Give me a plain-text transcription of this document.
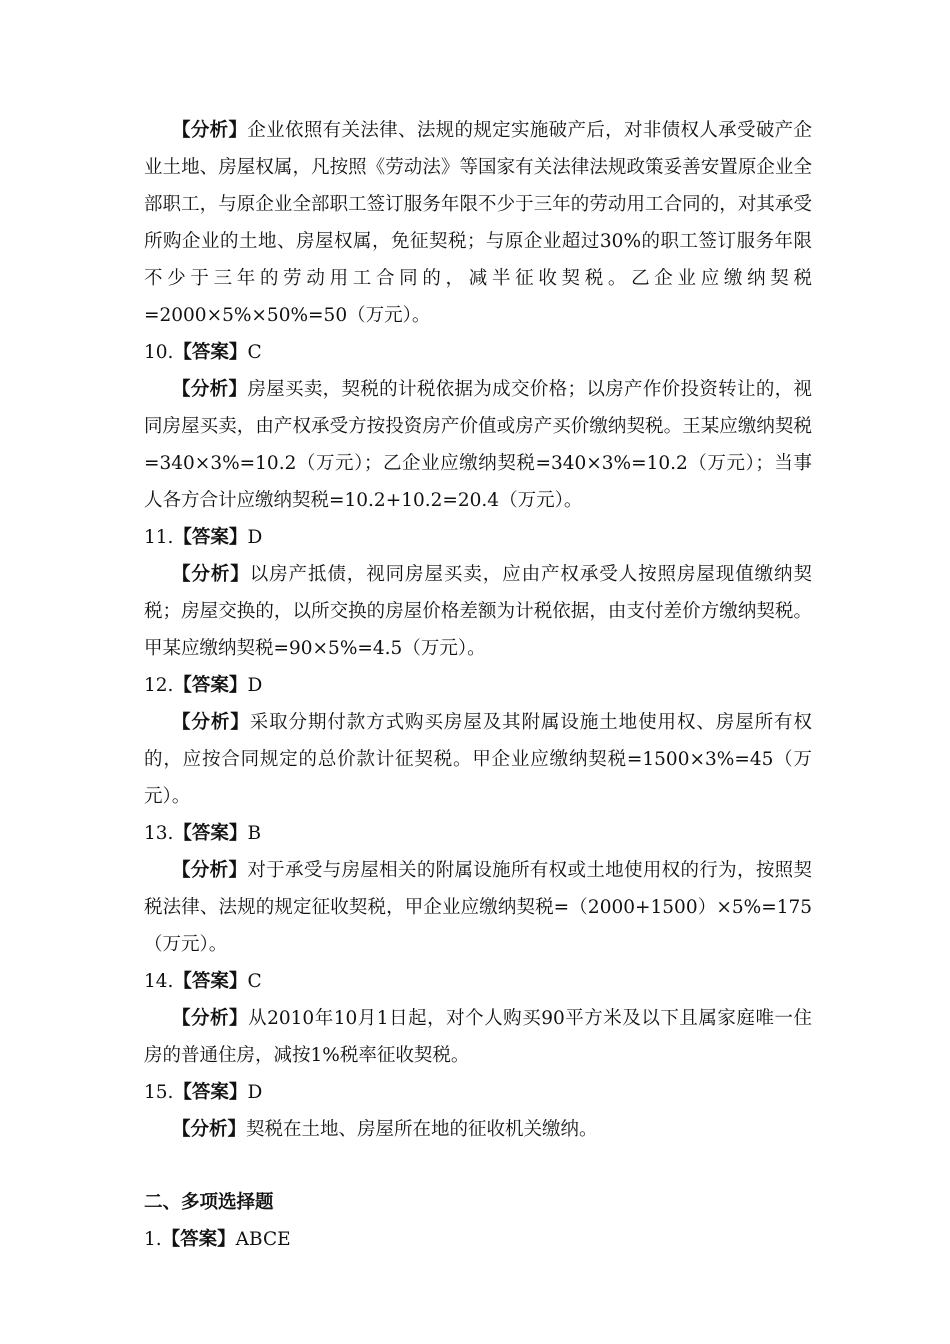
【分析】企业依照有关法律、法规的规定实施破产后，对非债权人承受破产企业土地、房屋权属，凡按照《劳动法》等国家有关法律法规政策妥善安置原企业全部职工，与原企业全部职工签订服务年限不少于三年的劳动用工合同的，对其承受所购企业的土地、房屋权属，免征契税；与原企业超过30%的职工签订服务年限不少于三年的劳动用工合同的，减半征收契税。乙企业应缴纳契税=2000×5%×50%=50（万元）。

10.【答案】C

【分析】房屋买卖，契税的计税依据为成交价格；以房产作价投资转让的，视同房屋买卖，由产权承受方按投资房产价值或房产买价缴纳契税。王某应缴纳契税=340×3%=10.2（万元）；乙企业应缴纳契税=340×3%=10.2（万元）；当事人各方合计应缴纳契税=10.2+10.2=20.4（万元）。

11.【答案】D

【分析】以房产抵债，视同房屋买卖，应由产权承受人按照房屋现值缴纳契税；房屋交换的，以所交换的房屋价格差额为计税依据，由支付差价方缴纳契税。甲某应缴纳契税=90×5%=4.5（万元）。

12.【答案】D

【分析】采取分期付款方式购买房屋及其附属设施土地使用权、房屋所有权的，应按合同规定的总价款计征契税。甲企业应缴纳契税=1500×3%=45（万元）。

13.【答案】B

【分析】对于承受与房屋相关的附属设施所有权或土地使用权的行为，按照契税法律、法规的规定征收契税，甲企业应缴纳契税=（2000+1500）×5%=175（万元）。

14.【答案】C

【分析】从2010年10月1日起，对个人购买90平方米及以下且属家庭唯一住房的普通住房，减按1%税率征收契税。

15.【答案】D

【分析】契税在土地、房屋所在地的征收机关缴纳。

二、多项选择题

1.【答案】ABCE
